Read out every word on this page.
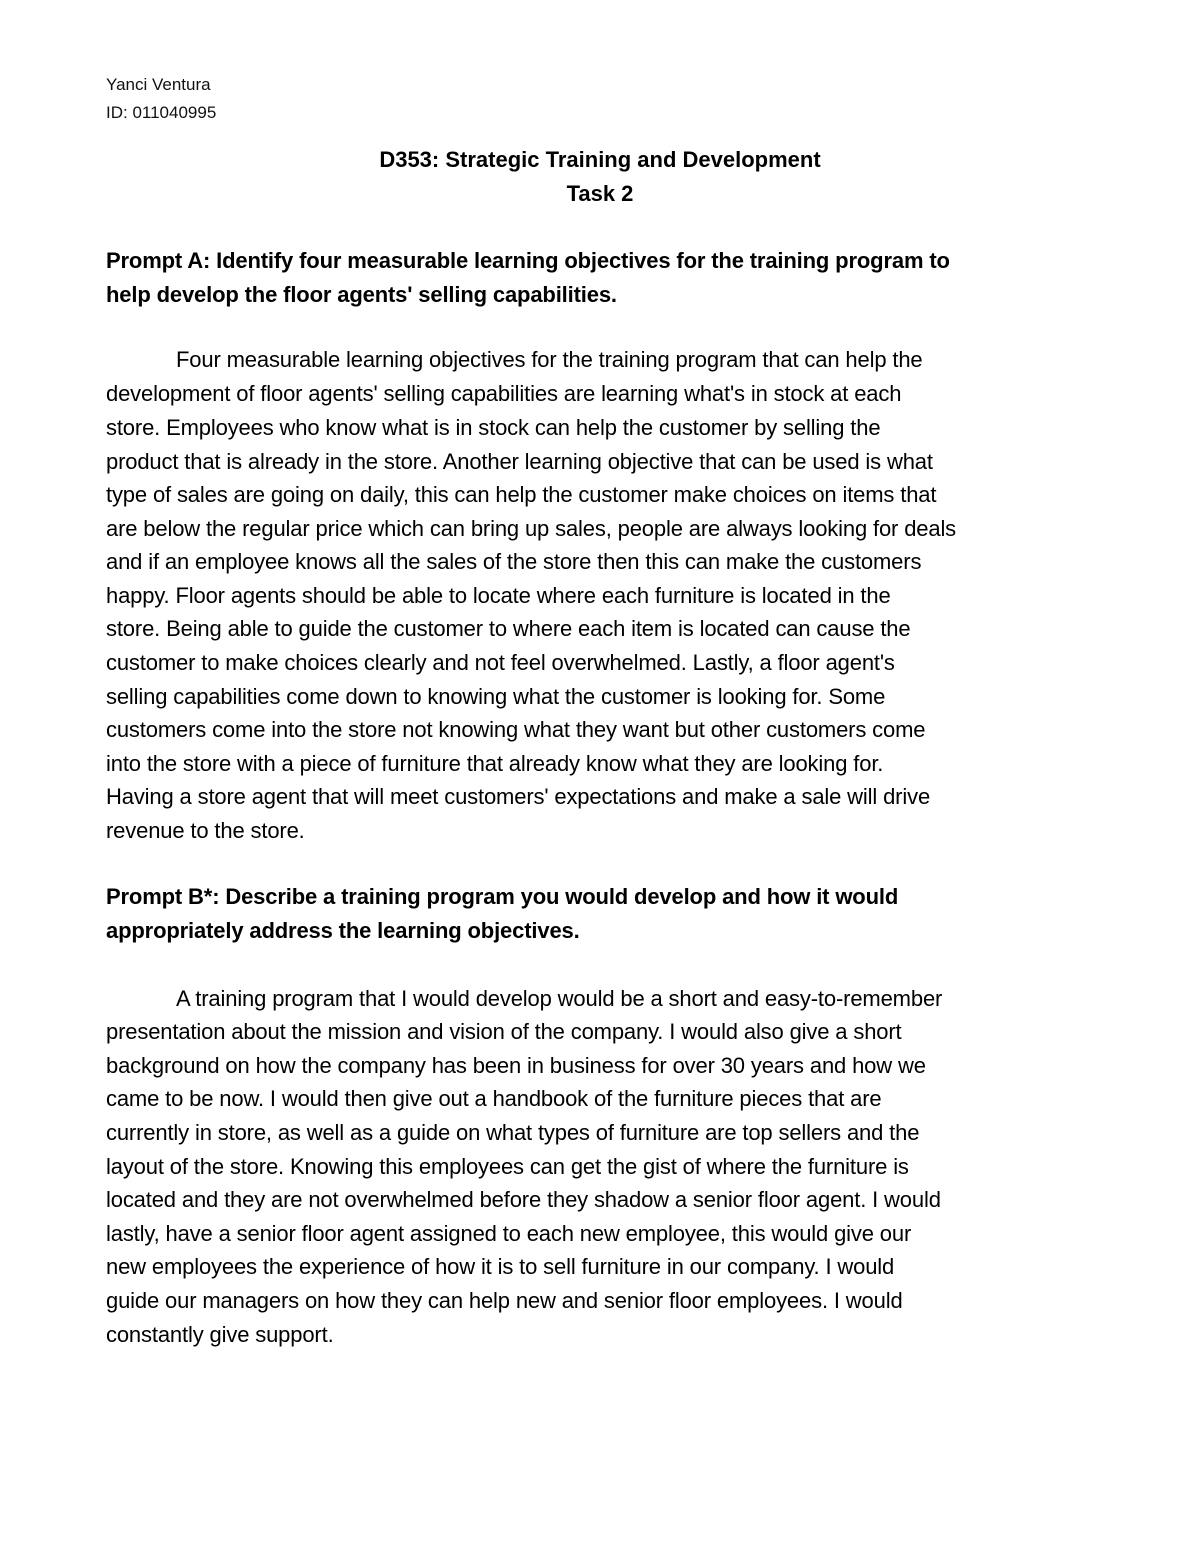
Yanci Ventura
ID: 011040995
D353: Strategic Training and Development
Task 2
Prompt A: Identify four measurable learning objectives for the training program to
help develop the floor agents' selling capabilities.
Four measurable learning objectives for the training program that can help the
development of floor agents' selling capabilities are learning what's in stock at each
store. Employees who know what is in stock can help the customer by selling the
product that is already in the store. Another learning objective that can be used is what
type of sales are going on daily, this can help the customer make choices on items that
are below the regular price which can bring up sales, people are always looking for deals
and if an employee knows all the sales of the store then this can make the customers
happy. Floor agents should be able to locate where each furniture is located in the
store. Being able to guide the customer to where each item is located can cause the
customer to make choices clearly and not feel overwhelmed. Lastly, a floor agent's
selling capabilities come down to knowing what the customer is looking for. Some
customers come into the store not knowing what they want but other customers come
into the store with a piece of furniture that already know what they are looking for.
Having a store agent that will meet customers' expectations and make a sale will drive
revenue to the store.
Prompt B*: Describe a training program you would develop and how it would
appropriately address the learning objectives.
A training program that I would develop would be a short and easy-to-remember
presentation about the mission and vision of the company. I would also give a short
background on how the company has been in business for over 30 years and how we
came to be now. I would then give out a handbook of the furniture pieces that are
currently in store, as well as a guide on what types of furniture are top sellers and the
layout of the store. Knowing this employees can get the gist of where the furniture is
located and they are not overwhelmed before they shadow a senior floor agent. I would
lastly, have a senior floor agent assigned to each new employee, this would give our
new employees the experience of how it is to sell furniture in our company. I would
guide our managers on how they can help new and senior floor employees. I would
constantly give support.
